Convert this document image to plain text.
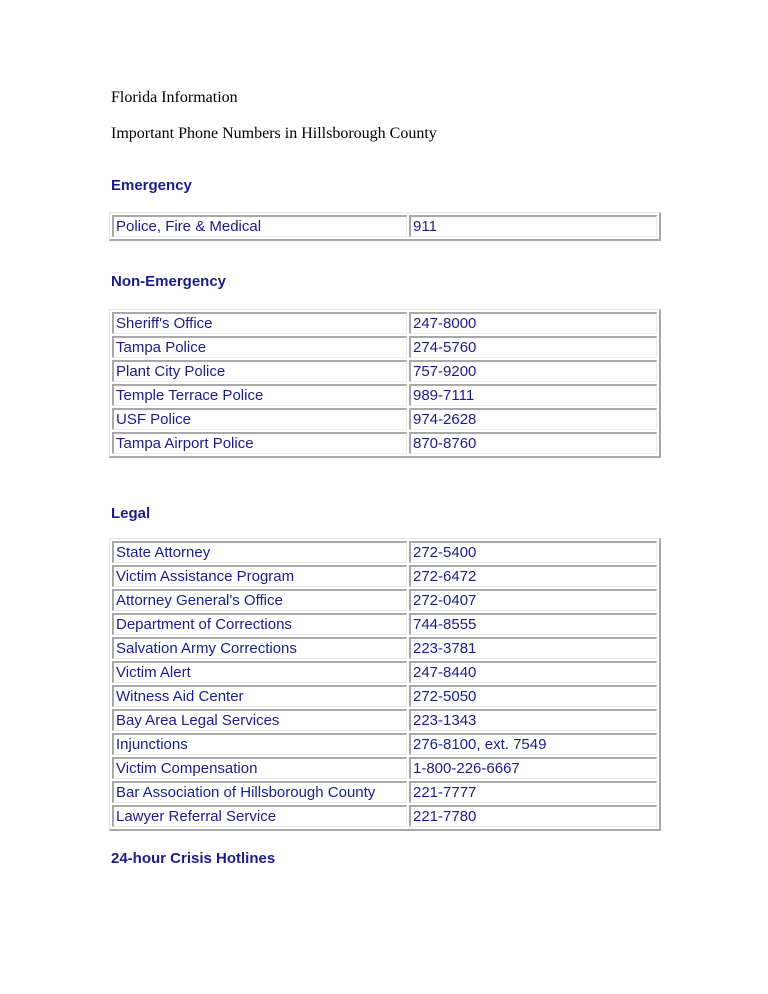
Florida Information

Important Phone Numbers in Hillsborough County

Emergency
Police, Fire & Medical	911
Non-Emergency
Sheriff's Office	247-8000
Tampa Police	274-5760
Plant City Police	757-9200
Temple Terrace Police	989-7111
USF Police	974-2628
Tampa Airport Police	870-8760
Legal
State Attorney	272-5400
Victim Assistance Program	272-6472
Attorney General's Office	272-0407
Department of Corrections	744-8555
Salvation Army Corrections	223-3781
Victim Alert	247-8440
Witness Aid Center	272-5050
Bay Area Legal Services	223-1343
Injunctions	276-8100, ext. 7549
Victim Compensation	1-800-226-6667
Bar Association of Hillsborough County	221-7777
Lawyer Referral Service	221-7780
24-hour Crisis Hotlines
